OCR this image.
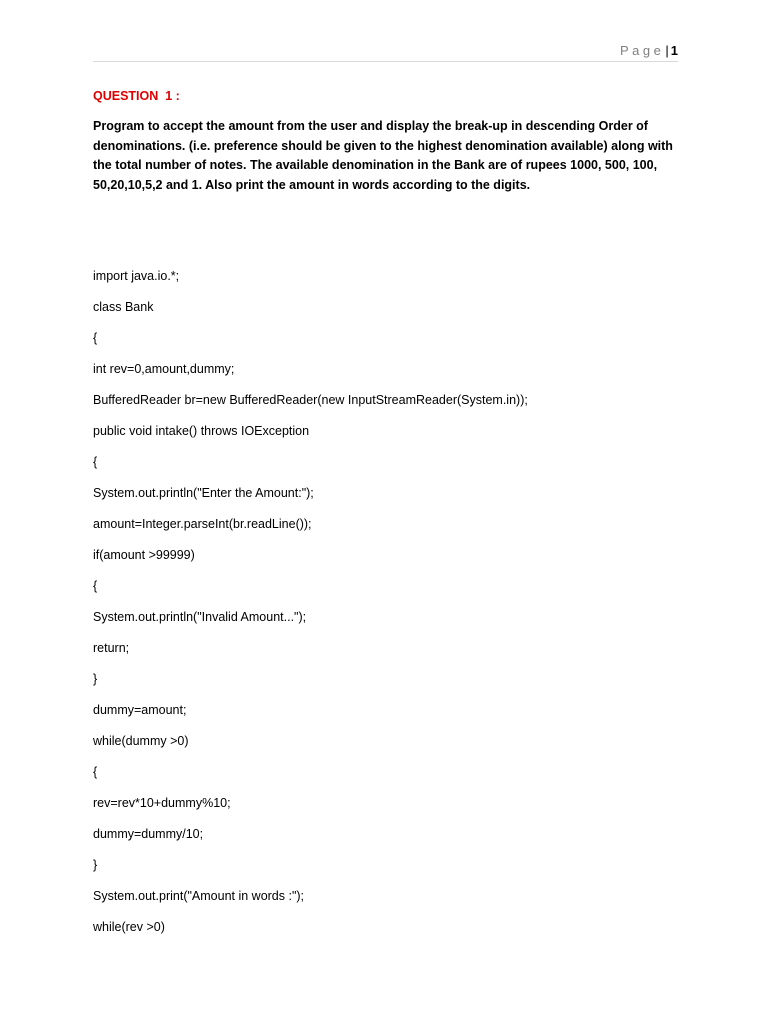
Page| 1
QUESTION  1 :
Program to accept the amount from the user and display the break-up in descending Order of denominations. (i.e. preference should be given to the highest denomination available) along with the total number of notes. The available denomination in the Bank are of rupees 1000, 500, 100, 50,20,10,5,2 and 1. Also print the amount in words according to the digits.
import java.io.*;
class Bank
{
int rev=0,amount,dummy;
BufferedReader br=new BufferedReader(new InputStreamReader(System.in));
public void intake() throws IOException
{
System.out.println("Enter the Amount:");
amount=Integer.parseInt(br.readLine());
if(amount >99999)
{
System.out.println("Invalid Amount...");
return;
}
dummy=amount;
while(dummy >0)
{
rev=rev*10+dummy%10;
dummy=dummy/10;
}
System.out.print("Amount in words :");
while(rev >0)
